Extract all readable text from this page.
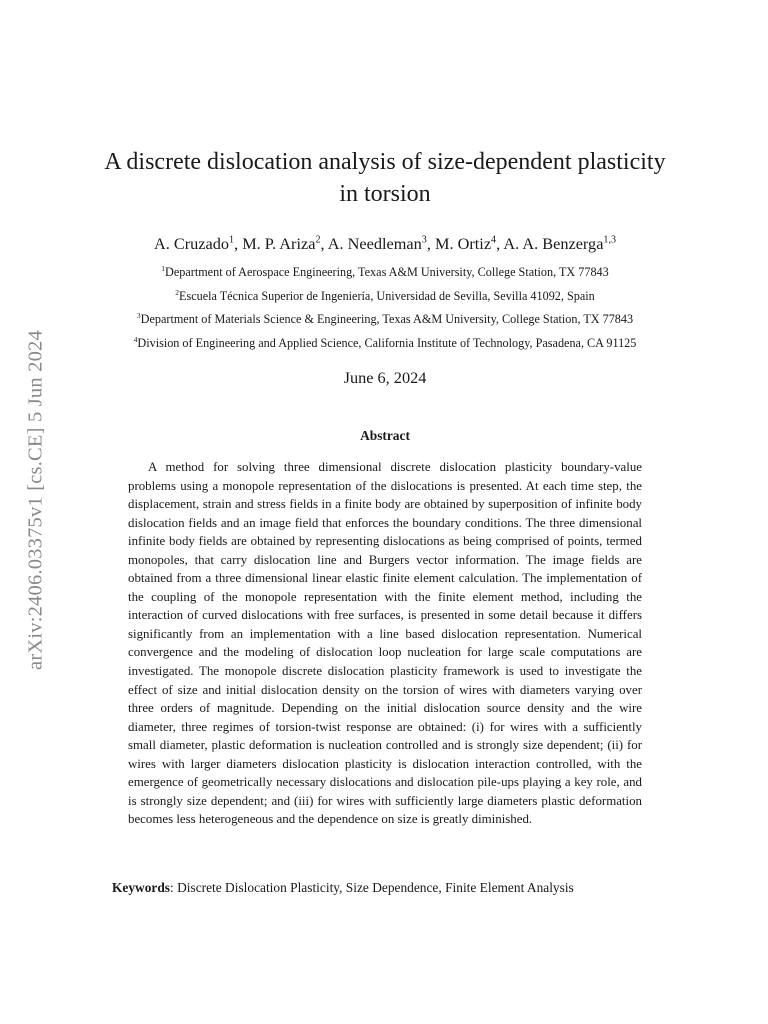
arXiv:2406.03375v1 [cs.CE] 5 Jun 2024
A discrete dislocation analysis of size-dependent plasticity in torsion
A. Cruzado$^1$, M. P. Ariza$^2$, A. Needleman$^3$, M. Ortiz$^4$, A. A. Benzerga$^{1,3}$
$^1$Department of Aerospace Engineering, Texas A&M University, College Station, TX 77843
$^2$Escuela Técnica Superior de Ingeniería, Universidad de Sevilla, Sevilla 41092, Spain
$^3$Department of Materials Science & Engineering, Texas A&M University, College Station, TX 77843
$^4$Division of Engineering and Applied Science, California Institute of Technology, Pasadena, CA 91125
June 6, 2024
Abstract

A method for solving three dimensional discrete dislocation plasticity boundary-value problems using a monopole representation of the dislocations is presented. At each time step, the displacement, strain and stress fields in a finite body are obtained by superposition of infinite body dislocation fields and an image field that enforces the boundary conditions. The three dimensional infinite body fields are obtained by representing dislocations as being comprised of points, termed monopoles, that carry dislocation line and Burgers vector information. The image fields are obtained from a three dimensional linear elastic finite element calculation. The implementation of the coupling of the monopole representation with the finite element method, including the interaction of curved dislocations with free surfaces, is presented in some detail because it differs significantly from an implementation with a line based dislocation representation. Numerical convergence and the modeling of dislocation loop nucleation for large scale computations are investigated. The monopole discrete dislocation plasticity framework is used to investigate the effect of size and initial dislocation density on the torsion of wires with diameters varying over three orders of magnitude. Depending on the initial dislocation source density and the wire diameter, three regimes of torsion-twist response are obtained: (i) for wires with a sufficiently small diameter, plastic deformation is nucleation controlled and is strongly size dependent; (ii) for wires with larger diameters dislocation plasticity is dislocation interaction controlled, with the emergence of geometrically necessary dislocations and dislocation pile-ups playing a key role, and is strongly size dependent; and (iii) for wires with sufficiently large diameters plastic deformation becomes less heterogeneous and the dependence on size is greatly diminished.

Keywords: Discrete Dislocation Plasticity, Size Dependence, Finite Element Analysis
